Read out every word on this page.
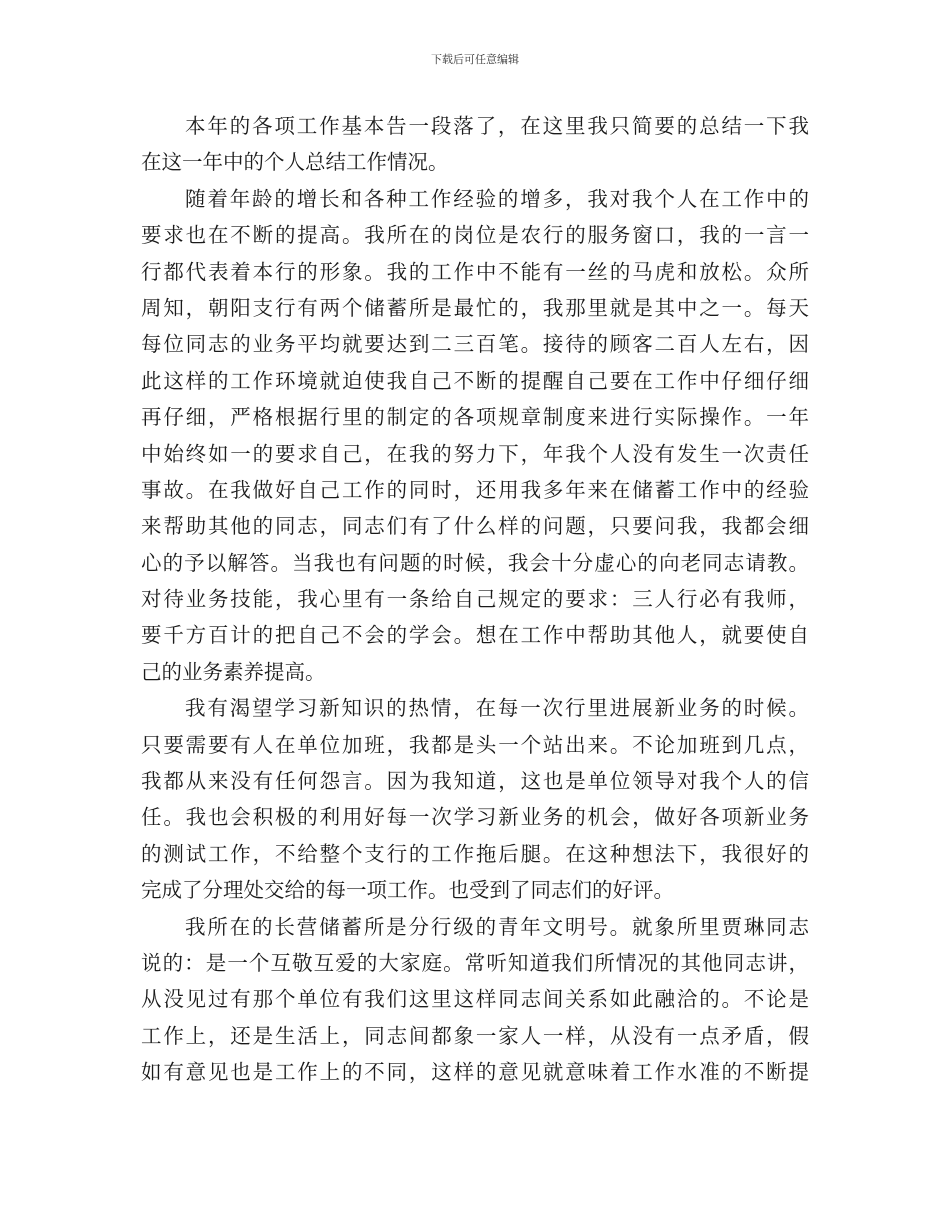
下载后可任意编辑
本年的各项工作基本告一段落了，在这里我只简要的总结一下我
在这一年中的个人总结工作情况。
随着年龄的增长和各种工作经验的增多，我对我个人在工作中的
要求也在不断的提高。我所在的岗位是农行的服务窗口，我的一言一
行都代表着本行的形象。我的工作中不能有一丝的马虎和放松。众所
周知，朝阳支行有两个储蓄所是最忙的，我那里就是其中之一。每天
每位同志的业务平均就要达到二三百笔。接待的顾客二百人左右，因
此这样的工作环境就迫使我自己不断的提醒自己要在工作中仔细仔细
再仔细，严格根据行里的制定的各项规章制度来进行实际操作。一年
中始终如一的要求自己，在我的努力下，年我个人没有发生一次责任
事故。在我做好自己工作的同时，还用我多年来在储蓄工作中的经验
来帮助其他的同志，同志们有了什么样的问题，只要问我，我都会细
心的予以解答。当我也有问题的时候，我会十分虚心的向老同志请教。
对待业务技能，我心里有一条给自己规定的要求：三人行必有我师，
要千方百计的把自己不会的学会。想在工作中帮助其他人，就要使自
己的业务素养提高。
我有渴望学习新知识的热情，在每一次行里进展新业务的时候。
只要需要有人在单位加班，我都是头一个站出来。不论加班到几点，
我都从来没有任何怨言。因为我知道，这也是单位领导对我个人的信
任。我也会积极的利用好每一次学习新业务的机会，做好各项新业务
的测试工作，不给整个支行的工作拖后腿。在这种想法下，我很好的
完成了分理处交给的每一项工作。也受到了同志们的好评。
我所在的长营储蓄所是分行级的青年文明号。就象所里贾琳同志
说的：是一个互敬互爱的大家庭。常听知道我们所情况的其他同志讲，
从没见过有那个单位有我们这里这样同志间关系如此融洽的。不论是
工作上，还是生活上，同志间都象一家人一样，从没有一点矛盾，假
如有意见也是工作上的不同，这样的意见就意味着工作水准的不断提
